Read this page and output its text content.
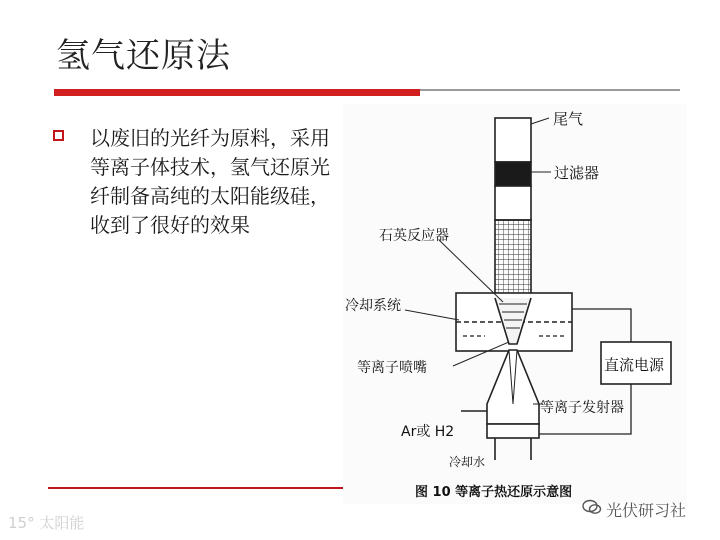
氢气还原法
以废旧的光纤为原料，采用等离子体技术，氢气还原光纤制备高纯的太阳能级硅，收到了很好的效果
尾气
过滤器
石英反应器
冷却系统
等离子喷嘴	直流电源
等离子发射器
Ar或 H2
冷却水
图 10 等离子热还原示意图
15° 太阳能
光伏研习社
